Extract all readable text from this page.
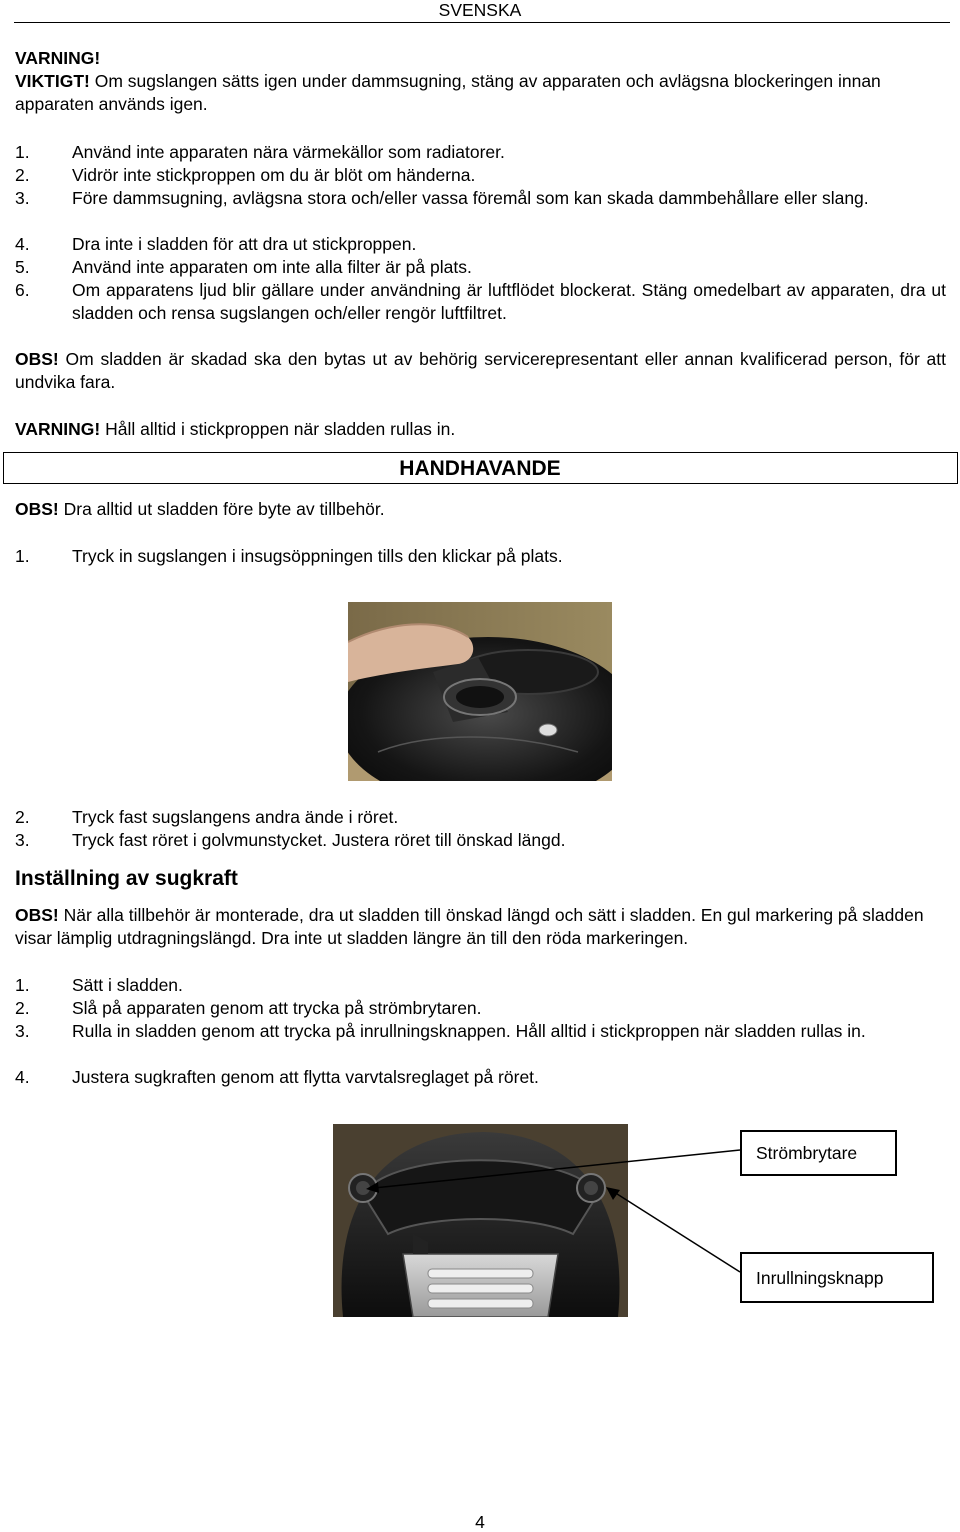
SVENSKA
VARNING!
VIKTIGT! Om sugslangen sätts igen under dammsugning, stäng av apparaten och avlägsna blockeringen innan apparaten används igen.
1. Använd inte apparaten nära värmekällor som radiatorer.
2. Vidrör inte stickproppen om du är blöt om händerna.
3. Före dammsugning, avlägsna stora och/eller vassa föremål som kan skada dammbehållare eller slang.
4. Dra inte i sladden för att dra ut stickproppen.
5. Använd inte apparaten om inte alla filter är på plats.
6. Om apparatens ljud blir gällare under användning är luftflödet blockerat. Stäng omedelbart av apparaten, dra ut sladden och rensa sugslangen och/eller rengör luftfiltret.
OBS! Om sladden är skadad ska den bytas ut av behörig servicerepresentant eller annan kvalificerad person, för att undvika fara.
VARNING! Håll alltid i stickproppen när sladden rullas in.
HANDHAVANDE
OBS! Dra alltid ut sladden före byte av tillbehör.
1. Tryck in sugslangen i insugsöppningen tills den klickar på plats.
2. Tryck fast sugslangens andra ände i röret.
3. Tryck fast röret i golvmunstycket. Justera röret till önskad längd.
Inställning av sugkraft
OBS! När alla tillbehör är monterade, dra ut sladden till önskad längd och sätt i sladden. En gul markering på sladden visar lämplig utdragningslängd. Dra inte ut sladden längre än till den röda markeringen.
1. Sätt i sladden.
2. Slå på apparaten genom att trycka på strömbrytaren.
3. Rulla in sladden genom att trycka på inrullningsknappen. Håll alltid i stickproppen när sladden rullas in.
4. Justera sugkraften genom att flytta varvtalsreglaget på röret.
Strömbrytare
Inrullningsknapp
4
